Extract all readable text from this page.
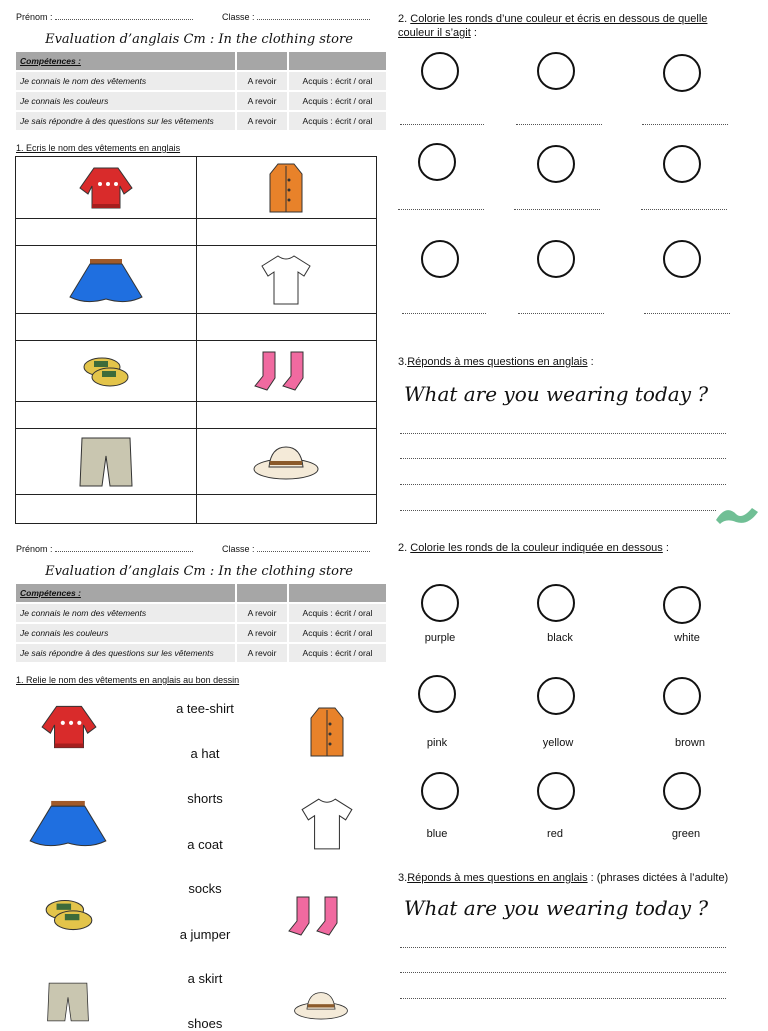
Prénom :	Classe :
Evaluation d’anglais Cm : In the clothing store
Compétences :		
Je connais le nom des vêtements	A revoir	Acquis : écrit / oral
Je connais les couleurs	A revoir	Acquis : écrit / oral
Je sais répondre à des questions sur les vêtements	A revoir	Acquis : écrit / oral
1. Ecris le nom des vêtements en anglais
2. Colorie les ronds d’une couleur et écris en dessous de quelle couleur il s’agit :
3.Réponds à mes questions en anglais :
What are you wearing today ?
Prénom :	Classe :
Evaluation d’anglais Cm : In the clothing store
Compétences :		
Je connais le nom des vêtements	A revoir	Acquis : écrit / oral
Je connais les couleurs	A revoir	Acquis : écrit / oral
Je sais répondre à des questions sur les vêtements	A revoir	Acquis : écrit / oral
1. Relie le nom des vêtements en anglais au bon dessin
a tee-shirt
a hat
shorts
a coat
socks
a jumper
a skirt
shoes
2. Colorie les ronds de la couleur indiquée en dessous :
purple	black	white
pink	yellow	brown
blue	red	green
3.Réponds à mes questions en anglais : (phrases dictées à l’adulte)
What are you wearing today ?
